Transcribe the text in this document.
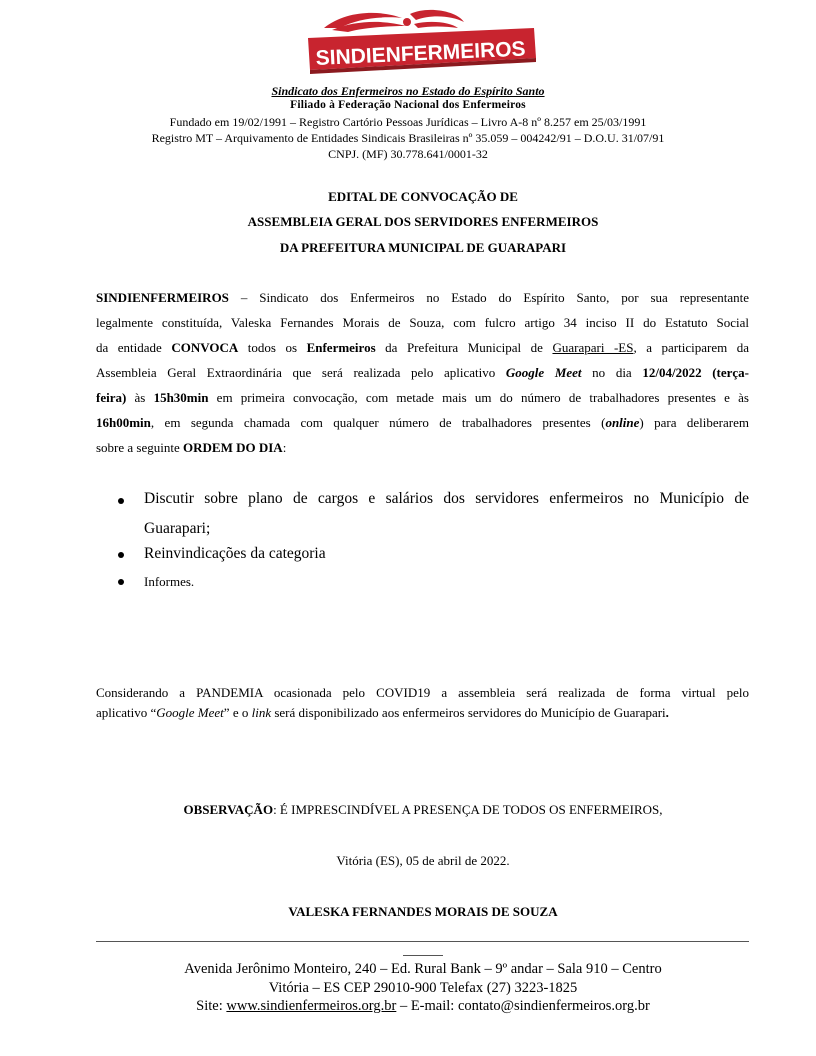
SINDIENFERMEIROS
Sindicato dos Enfermeiros no Estado do Espírito Santo
Filiado à Federação Nacional dos Enfermeiros
Fundado em 19/02/1991 – Registro Cartório Pessoas Jurídicas – Livro A-8 nº 8.257 em 25/03/1991
Registro MT – Arquivamento de Entidades Sindicais Brasileiras nº 35.059 – 004242/91 – D.O.U. 31/07/91
CNPJ. (MF) 30.778.641/0001-32
EDITAL DE CONVOCAÇÃO DE
ASSEMBLEIA GERAL DOS SERVIDORES ENFERMEIROS
DA PREFEITURA MUNICIPAL DE GUARAPARI
SINDIENFERMEIROS – Sindicato dos Enfermeiros no Estado do Espírito Santo, por sua representante
legalmente constituída, Valeska Fernandes Morais de Souza, com fulcro artigo 34 inciso II do Estatuto Social
da entidade CONVOCA todos os Enfermeiros da Prefeitura Municipal de Guarapari -ES, a participarem da
Assembleia Geral Extraordinária que será realizada pelo aplicativo Google Meet no dia 12/04/2022 (terça-
feira) às 15h30min em primeira convocação, com metade mais um do número de trabalhadores presentes e às
16h00min, em segunda chamada com qualquer número de trabalhadores presentes (online) para deliberarem
sobre a seguinte ORDEM DO DIA:
Discutir sobre plano de cargos e salários dos servidores enfermeiros no Município de
Guarapari;
Reinvindicações da categoria
Informes.
Considerando a PANDEMIA ocasionada pelo COVID19 a assembleia será realizada de forma virtual pelo
aplicativo “Google Meet” e o link será disponibilizado aos enfermeiros servidores do Município de Guarapari.
OBSERVAÇÃO: É IMPRESCINDÍVEL A PRESENÇA DE TODOS OS ENFERMEIROS,
Vitória (ES), 05 de abril de 2022.
VALESKA FERNANDES MORAIS DE SOUZA
Avenida Jerônimo Monteiro, 240 – Ed. Rural Bank – 9º andar – Sala 910 – Centro
Vitória – ES CEP 29010-900 Telefax (27) 3223-1825
Site: www.sindienfermeiros.org.br – E-mail: contato@sindienfermeiros.org.br
